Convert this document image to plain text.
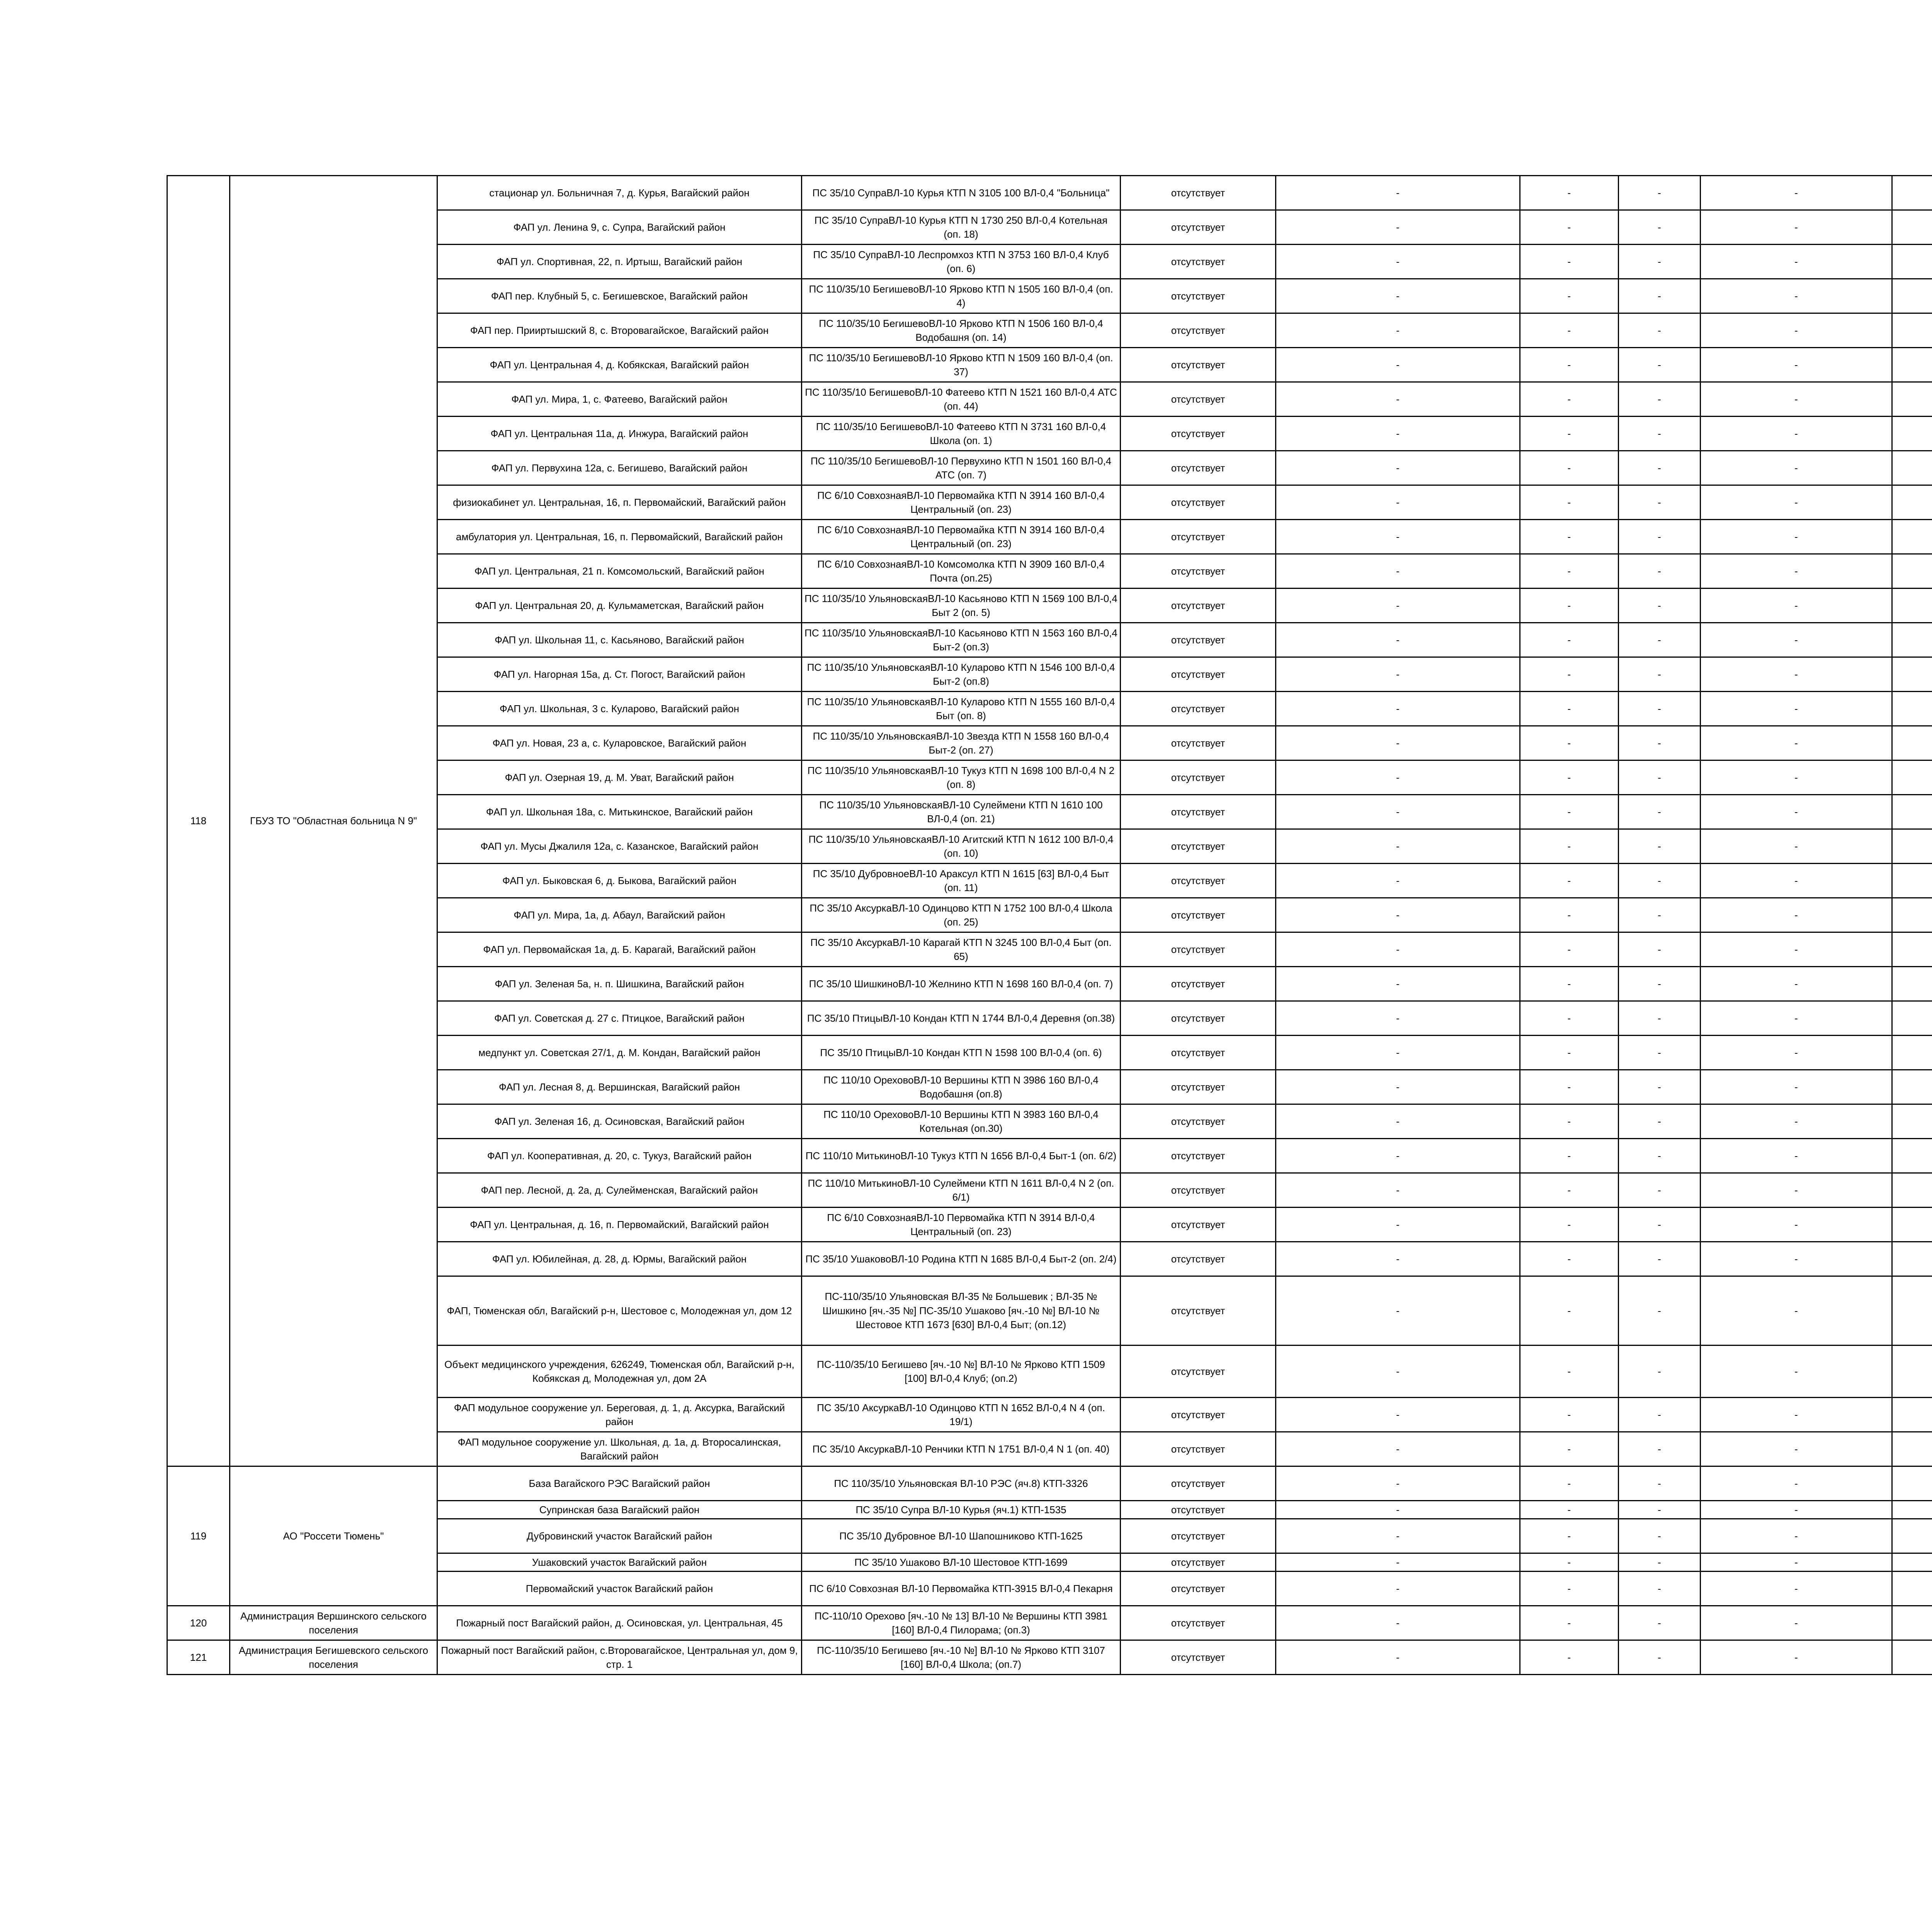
118	ГБУЗ ТО "Областная больница N 9"	стационар ул. Больничная 7, д. Курья, Вагайский район	ПС 35/10 СупраВЛ-10 Курья КТП N 3105 100 ВЛ-0,4 "Больница"	отсутствует	-	-	-	-		
		ФАП ул. Ленина 9, с. Супра, Вагайский район	ПС 35/10 СупраВЛ-10 Курья КТП N 1730 250 ВЛ-0,4 Котельная (оп. 18)	отсутствует	-	-	-	-		
		ФАП ул. Спортивная, 22, п. Иртыш, Вагайский район	ПС 35/10 СупраВЛ-10 Леспромхоз КТП N 3753 160 ВЛ-0,4 Клуб (оп. 6)	отсутствует	-	-	-	-		
		ФАП пер. Клубный 5, с. Бегишевское, Вагайский район	ПС 110/35/10 БегишевоВЛ-10 Ярково КТП N 1505 160 ВЛ-0,4 (оп. 4)	отсутствует	-	-	-	-		
		ФАП пер. Прииртышский 8, с. Второвагайское, Вагайский район	ПС 110/35/10 БегишевоВЛ-10 Ярково КТП N 1506 160 ВЛ-0,4 Водобашня (оп. 14)	отсутствует	-	-	-	-		
		ФАП ул. Центральная 4, д. Кобякская, Вагайский район	ПС 110/35/10 БегишевоВЛ-10 Ярково КТП N 1509 160 ВЛ-0,4 (оп. 37)	отсутствует	-	-	-	-		
		ФАП ул. Мира, 1, с. Фатеево, Вагайский район	ПС 110/35/10 БегишевоВЛ-10 Фатеево КТП N 1521 160 ВЛ-0,4 АТС (оп. 44)	отсутствует	-	-	-	-		
		ФАП ул. Центральная 11а, д. Инжура, Вагайский район	ПС 110/35/10 БегишевоВЛ-10 Фатеево КТП N 3731 160 ВЛ-0,4 Школа (оп. 1)	отсутствует	-	-	-	-		
		ФАП ул. Первухина 12а, с. Бегишево, Вагайский район	ПС 110/35/10 БегишевоВЛ-10 Первухино КТП N 1501 160 ВЛ-0,4 АТС (оп. 7)	отсутствует	-	-	-	-		
		физиокабинет ул. Центральная, 16, п. Первомайский, Вагайский район	ПС 6/10 СовхознаяВЛ-10 Первомайка КТП N 3914 160 ВЛ-0,4 Центральный (оп. 23)	отсутствует	-	-	-	-		
		амбулатория ул. Центральная, 16, п. Первомайский, Вагайский район	ПС 6/10 СовхознаяВЛ-10 Первомайка КТП N 3914 160 ВЛ-0,4 Центральный (оп. 23)	отсутствует	-	-	-	-		
		ФАП ул. Центральная, 21 п. Комсомольский, Вагайский район	ПС 6/10 СовхознаяВЛ-10 Комсомолка КТП N 3909 160 ВЛ-0,4 Почта (оп.25)	отсутствует	-	-	-	-		
		ФАП ул. Центральная 20, д. Кульмаметская, Вагайский район	ПС 110/35/10 УльяновскаяВЛ-10 Касьяново КТП N 1569 100 ВЛ-0,4 Быт 2 (оп. 5)	отсутствует	-	-	-	-		
		ФАП ул. Школьная 11, с. Касьяново, Вагайский район	ПС 110/35/10 УльяновскаяВЛ-10 Касьяново КТП N 1563 160 ВЛ-0,4 Быт-2 (оп.3)	отсутствует	-	-	-	-		
		ФАП ул. Нагорная 15а, д. Ст. Погост, Вагайский район	ПС 110/35/10 УльяновскаяВЛ-10 Куларово КТП N 1546 100 ВЛ-0,4 Быт-2 (оп.8)	отсутствует	-	-	-	-		
		ФАП ул. Школьная, 3 с. Куларово, Вагайский район	ПС 110/35/10 УльяновскаяВЛ-10 Куларово КТП N 1555 160 ВЛ-0,4 Быт (оп. 8)	отсутствует	-	-	-	-		
		ФАП ул. Новая, 23 а, с. Куларовское, Вагайский район	ПС 110/35/10 УльяновскаяВЛ-10 Звезда КТП N 1558 160 ВЛ-0,4 Быт-2 (оп. 27)	отсутствует	-	-	-	-		
		ФАП ул. Озерная 19, д. М. Уват, Вагайский район	ПС 110/35/10 УльяновскаяВЛ-10 Тукуз КТП N 1698 100 ВЛ-0,4 N 2 (оп. 8)	отсутствует	-	-	-	-		
		ФАП ул. Школьная 18а, с. Митькинское, Вагайский район	ПС 110/35/10 УльяновскаяВЛ-10 Сулеймени КТП N 1610 100 ВЛ-0,4 (оп. 21)	отсутствует	-	-	-	-		
		ФАП ул. Мусы Джалиля 12а, с. Казанское, Вагайский район	ПС 110/35/10 УльяновскаяВЛ-10 Агитский КТП N 1612 100 ВЛ-0,4 (оп. 10)	отсутствует	-	-	-	-		
		ФАП ул. Быковская 6, д. Быкова, Вагайский район	ПС 35/10 ДубровноеВЛ-10 Араксул КТП N 1615 [63] ВЛ-0,4 Быт (оп. 11)	отсутствует	-	-	-	-		
		ФАП ул. Мира, 1а, д. Абаул, Вагайский район	ПС 35/10 АксуркаВЛ-10 Одинцово КТП N 1752 100 ВЛ-0,4 Школа (оп. 25)	отсутствует	-	-	-	-		
		ФАП ул. Первомайская 1а, д. Б. Карагай, Вагайский район	ПС 35/10 АксуркаВЛ-10 Карагай КТП N 3245 100 ВЛ-0,4 Быт (оп. 65)	отсутствует	-	-	-	-		
		ФАП ул. Зеленая 5а, н. п. Шишкина, Вагайский район	ПС 35/10 ШишкиноВЛ-10 Желнино КТП N 1698 160 ВЛ-0,4 (оп. 7)	отсутствует	-	-	-	-		
		ФАП ул. Советская д. 27 с. Птицкое, Вагайский район	ПС 35/10 ПтицыВЛ-10 Кондан КТП N 1744 ВЛ-0,4 Деревня (оп.38)	отсутствует	-	-	-	-		
		медпункт ул. Советская 27/1, д. М. Кондан, Вагайский район	ПС 35/10 ПтицыВЛ-10 Кондан КТП N 1598 100 ВЛ-0,4 (оп. 6)	отсутствует	-	-	-	-		
		ФАП ул. Лесная 8, д. Вершинская, Вагайский район	ПС 110/10 ОреховоВЛ-10 Вершины КТП N 3986 160 ВЛ-0,4 Водобашня (оп.8)	отсутствует	-	-	-	-		
		ФАП ул. Зеленая 16, д. Осиновская, Вагайский район	ПС 110/10 ОреховоВЛ-10 Вершины КТП N 3983 160 ВЛ-0,4 Котельная (оп.30)	отсутствует	-	-	-	-		
		ФАП ул. Кооперативная, д. 20, с. Тукуз, Вагайский район	ПС 110/10 МитькиноВЛ-10 Тукуз КТП N 1656 ВЛ-0,4 Быт-1 (оп. 6/2)	отсутствует	-	-	-	-		
		ФАП пер. Лесной, д. 2а, д. Сулейменская, Вагайский район	ПС 110/10 МитькиноВЛ-10 Сулеймени КТП N 1611 ВЛ-0,4 N 2 (оп. 6/1)	отсутствует	-	-	-	-		
		ФАП ул. Центральная, д. 16, п. Первомайский, Вагайский район	ПС 6/10 СовхознаяВЛ-10 Первомайка КТП N 3914 ВЛ-0,4 Центральный (оп. 23)	отсутствует	-	-	-	-		
		ФАП ул. Юбилейная, д. 28, д. Юрмы, Вагайский район	ПС 35/10 УшаковоВЛ-10 Родина КТП N 1685 ВЛ-0,4 Быт-2 (оп. 2/4)	отсутствует	-	-	-	-		
		ФАП, Тюменская обл, Вагайский р-н, Шестовое с, Молодежная ул, дом 12	ПС-110/35/10 Ульяновская ВЛ-35 № Большевик ; ВЛ-35 № Шишкино [яч.-35 №] ПС-35/10 Ушаково [яч.-10 №] ВЛ-10 № Шестовое КТП 1673 [630] ВЛ-0,4 Быт; (оп.12)	отсутствует	-	-	-	-		
		Объект медицинского учреждения, 626249, Тюменская обл, Вагайский р-н, Кобякская д, Молодежная ул, дом 2А	ПС-110/35/10 Бегишево [яч.-10 №] ВЛ-10 № Ярково КТП 1509 [100] ВЛ-0,4 Клуб; (оп.2)	отсутствует	-	-	-	-		
		ФАП модульное сооружение ул. Береговая, д. 1, д. Аксурка, Вагайский район	ПС 35/10 АксуркаВЛ-10 Одинцово КТП N 1652 ВЛ-0,4 N 4 (оп. 19/1)	отсутствует	-	-	-	-		
		ФАП модульное сооружение ул. Школьная, д. 1а, д. Второсалинская, Вагайский район	ПС 35/10 АксуркаВЛ-10 Ренчики КТП N 1751 ВЛ-0,4 N 1 (оп. 40)	отсутствует	-	-	-	-		
119	АО "Россети Тюмень"	База Вагайского РЭС Вагайский район	ПС 110/35/10 Ульяновская ВЛ-10 РЭС (яч.8) КТП-3326	отсутствует	-	-	-	-		
		Супринская база Вагайский район	ПС 35/10 Супра ВЛ-10 Курья (яч.1) КТП-1535	отсутствует	-	-	-	-		
		Дубровинский участок Вагайский район	ПС 35/10 Дубровное ВЛ-10 Шапошниково КТП-1625	отсутствует	-	-	-	-		
		Ушаковский участок Вагайский район	ПС 35/10 Ушаково ВЛ-10 Шестовое КТП-1699	отсутствует	-	-	-	-		
		Первомайский участок Вагайский район	ПС 6/10 Совхозная ВЛ-10 Первомайка КТП-3915 ВЛ-0,4 Пекарня	отсутствует	-	-	-	-		
120	Администрация Вершинского сельского поселения	Пожарный пост Вагайский район, д. Осиновская, ул. Центральная, 45	ПС-110/10 Орехово [яч.-10 № 13] ВЛ-10 № Вершины КТП 3981 [160] ВЛ-0,4 Пилорама; (оп.3)	отсутствует	-	-	-	-		
121	Администрация Бегишевского сельского поселения	Пожарный пост Вагайский район, с.Второвагайское, Центральная ул, дом 9, стр. 1	ПС-110/35/10 Бегишево [яч.-10 №] ВЛ-10 № Ярково КТП 3107 [160] ВЛ-0,4 Школа; (оп.7)	отсутствует	-	-	-	-		
